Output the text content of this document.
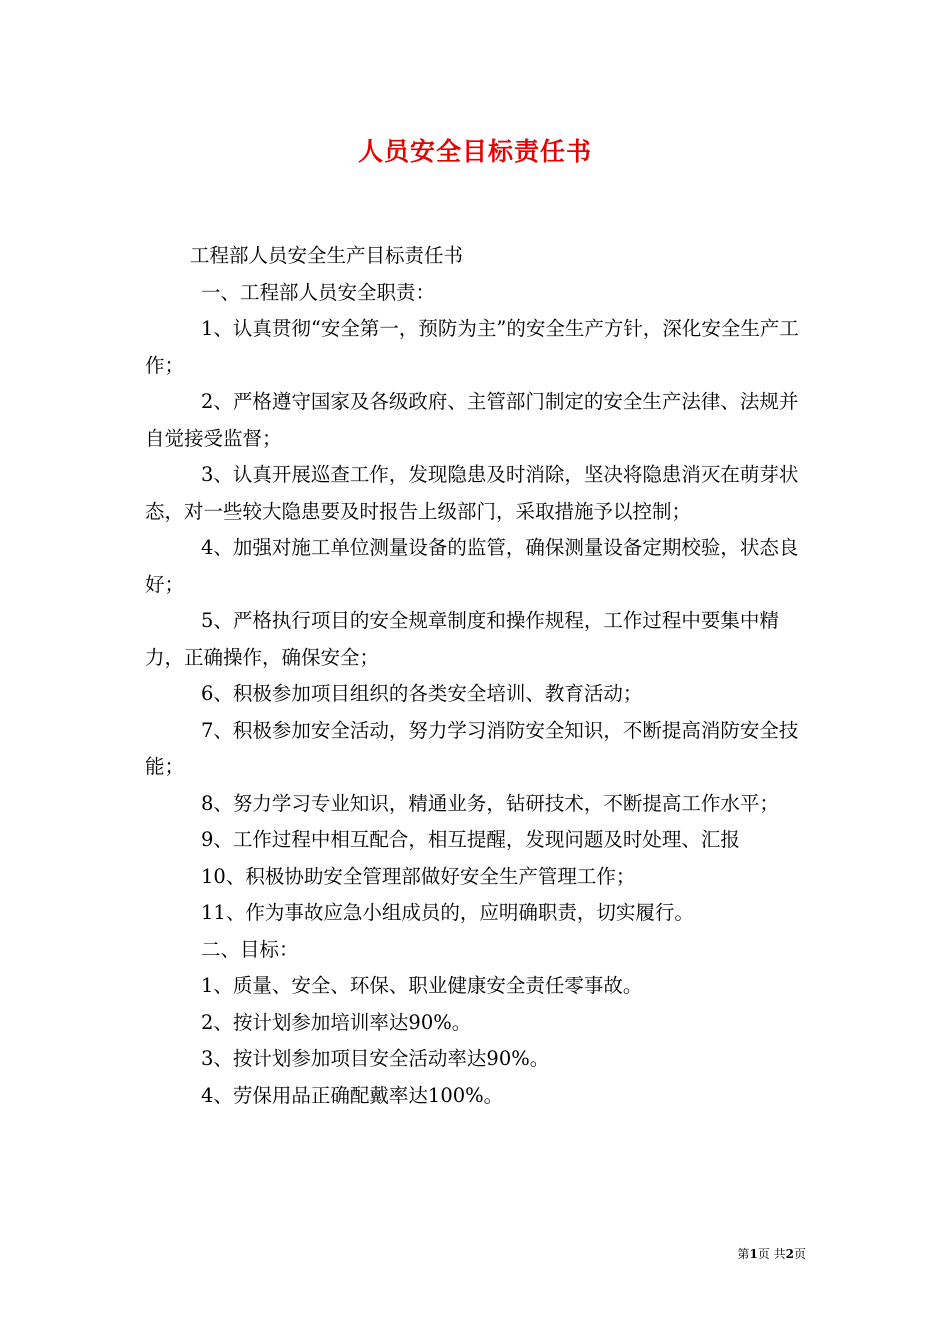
人员安全目标责任书

工程部人员安全生产目标责任书

一、工程部人员安全职责：

1、认真贯彻“安全第一，预防为主”的安全生产方针，深化安全生产工作；

2、严格遵守国家及各级政府、主管部门制定的安全生产法律、法规并自觉接受监督；

3、认真开展巡查工作，发现隐患及时消除，坚决将隐患消灭在萌芽状态，对一些较大隐患要及时报告上级部门，采取措施予以控制；

4、加强对施工单位测量设备的监管，确保测量设备定期校验，状态良好；

5、严格执行项目的安全规章制度和操作规程，工作过程中要集中精力，正确操作，确保安全；

6、积极参加项目组织的各类安全培训、教育活动；

7、积极参加安全活动，努力学习消防安全知识，不断提高消防安全技能；

8、努力学习专业知识，精通业务，钻研技术，不断提高工作水平；

9、工作过程中相互配合，相互提醒，发现问题及时处理、汇报

10、积极协助安全管理部做好安全生产管理工作；

11、作为事故应急小组成员的，应明确职责，切实履行。

二、目标：

1、质量、安全、环保、职业健康安全责任零事故。

2、按计划参加培训率达90%。

3、按计划参加项目安全活动率达90%。

4、劳保用品正确配戴率达100%。

第1页 共2页
